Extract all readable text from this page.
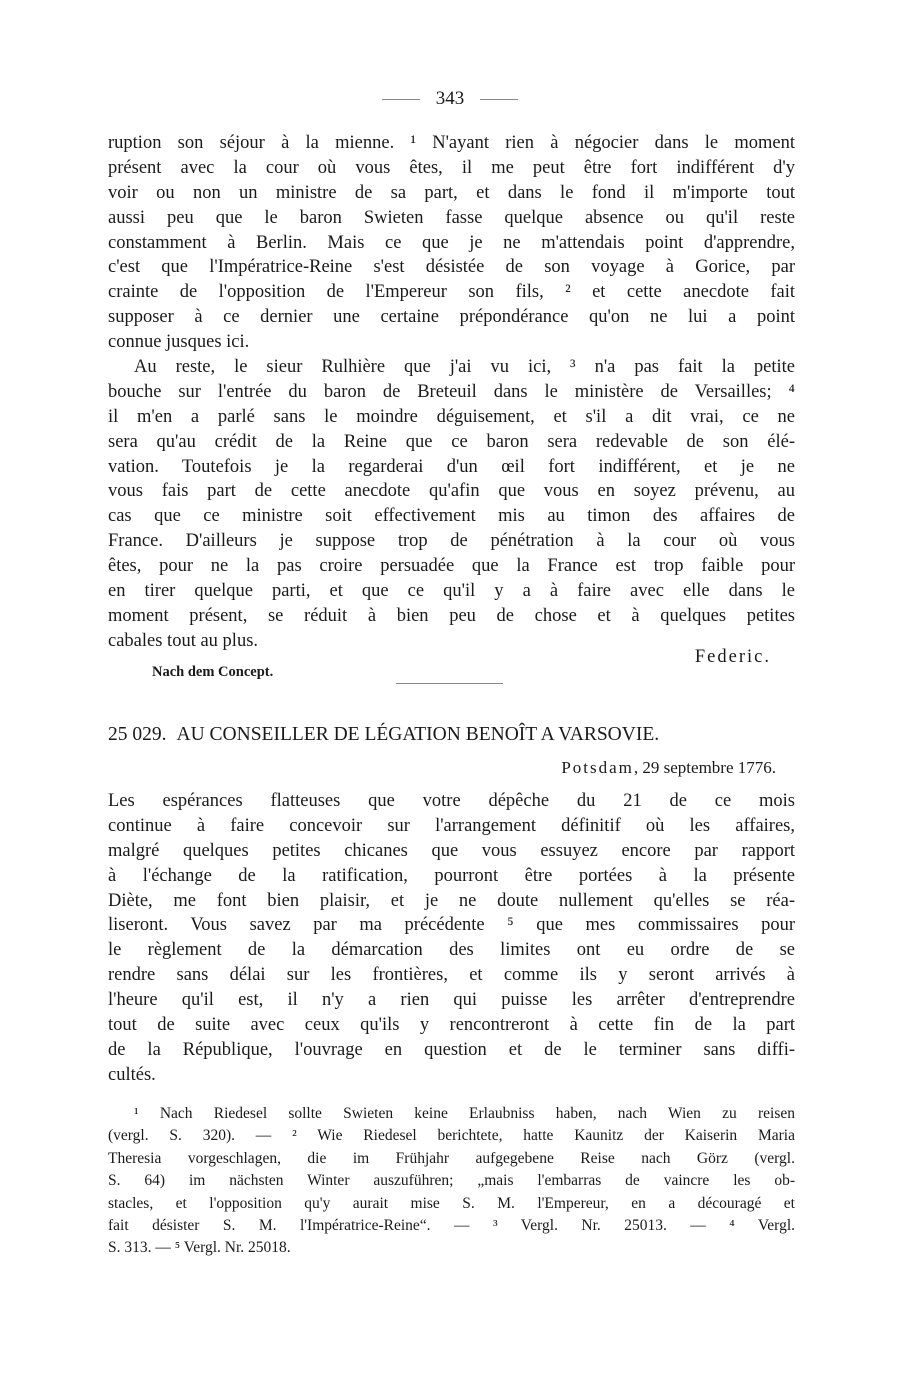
343
ruption son séjour à la mienne. ¹ N'ayant rien à négocier dans le moment
présent avec la cour où vous êtes, il me peut être fort indifférent d'y
voir ou non un ministre de sa part, et dans le fond il m'importe tout
aussi peu que le baron Swieten fasse quelque absence ou qu'il reste
constamment à Berlin. Mais ce que je ne m'attendais point d'apprendre,
c'est que l'Impératrice-Reine s'est désistée de son voyage à Gorice, par
crainte de l'opposition de l'Empereur son fils, ² et cette anecdote fait
supposer à ce dernier une certaine prépondérance qu'on ne lui a point
connue jusques ici.
Au reste, le sieur Rulhière que j'ai vu ici, ³ n'a pas fait la petite
bouche sur l'entrée du baron de Breteuil dans le ministère de Versailles; ⁴
il m'en a parlé sans le moindre déguisement, et s'il a dit vrai, ce ne
sera qu'au crédit de la Reine que ce baron sera redevable de son élé-
vation. Toutefois je la regarderai d'un œil fort indifférent, et je ne
vous fais part de cette anecdote qu'afin que vous en soyez prévenu, au
cas que ce ministre soit effectivement mis au timon des affaires de
France. D'ailleurs je suppose trop de pénétration à la cour où vous
êtes, pour ne la pas croire persuadée que la France est trop faible pour
en tirer quelque parti, et que ce qu'il y a à faire avec elle dans le
moment présent, se réduit à bien peu de chose et à quelques petites
cabales tout au plus.
Federic.
Nach dem Concept.
25 029. AU CONSEILLER DE LÉGATION BENOÎT A VARSOVIE.
Potsdam, 29 septembre 1776.
Les espérances flatteuses que votre dépêche du 21 de ce mois
continue à faire concevoir sur l'arrangement définitif où les affaires,
malgré quelques petites chicanes que vous essuyez encore par rapport
à l'échange de la ratification, pourront être portées à la présente
Diète, me font bien plaisir, et je ne doute nullement qu'elles se réa-
liseront. Vous savez par ma précédente ⁵ que mes commissaires pour
le règlement de la démarcation des limites ont eu ordre de se
rendre sans délai sur les frontières, et comme ils y seront arrivés à
l'heure qu'il est, il n'y a rien qui puisse les arrêter d'entreprendre
tout de suite avec ceux qu'ils y rencontreront à cette fin de la part
de la République, l'ouvrage en question et de le terminer sans diffi-
cultés.
¹ Nach Riedesel sollte Swieten keine Erlaubniss haben, nach Wien zu reisen
(vergl. S. 320). — ² Wie Riedesel berichtete, hatte Kaunitz der Kaiserin Maria
Theresia vorgeschlagen, die im Frühjahr aufgegebene Reise nach Görz (vergl.
S. 64) im nächsten Winter auszuführen; „mais l'embarras de vaincre les ob-
stacles, et l'opposition qu'y aurait mise S. M. l'Empereur, en a découragé et
fait désister S. M. l'Impératrice-Reine“. — ³ Vergl. Nr. 25013. — ⁴ Vergl.
S. 313. — ⁵ Vergl. Nr. 25018.
